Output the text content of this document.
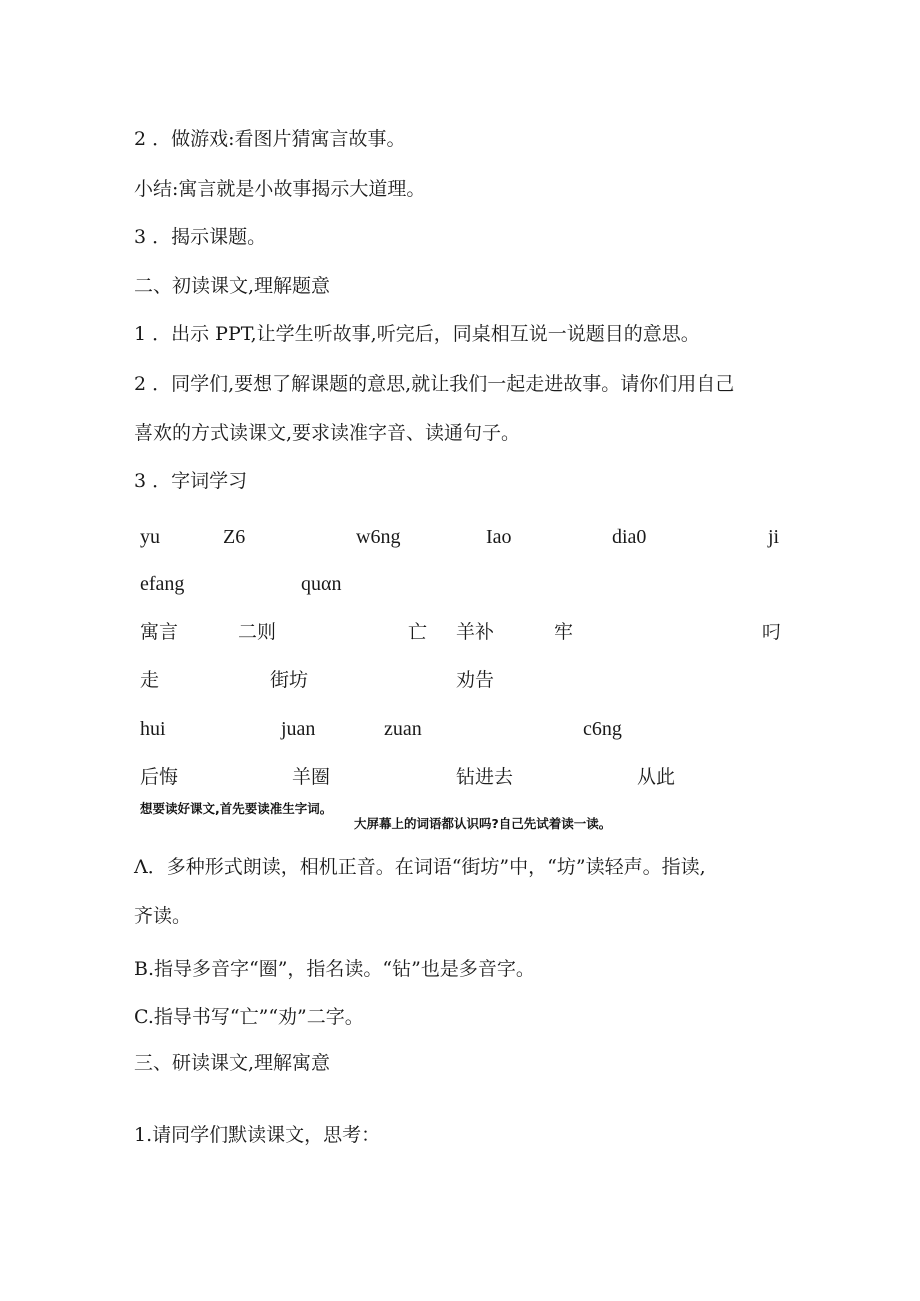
2 ．做游戏:看图片猜寓言故事。

小结:寓言就是小故事揭示大道理。

3 ．揭示课题。

二、初读课文,理解题意

1 ．出示 PPT,让学生听故事,听完后，同桌相互说一说题目的意思。

2 ．同学们,要想了解课题的意思,就让我们一起走进故事。请你们用自己

喜欢的方式读课文,要求读准字音、读通句子。

3 ．字词学习

yu	Z6	w6ng	Iao	dia0	ji
efang	quαn
寓言	二则	亡 羊补	牢	叼
走	街坊	劝告
hui	juan	zuan	c6ng
后悔	羊圈	钻进去	从此

想要读好课文,首先要读准生字词。

大屏幕上的词语都认识吗?自己先试着读一读。

Λ．多种形式朗读，相机正音。在词语“街坊”中，“坊”读轻声。指读,

齐读。

B.指导多音字“圈”，指名读。“钻”也是多音字。

C.指导书写“亡”“劝”二字。

三、研读课文,理解寓意

1.请同学们默读课文，思考：
